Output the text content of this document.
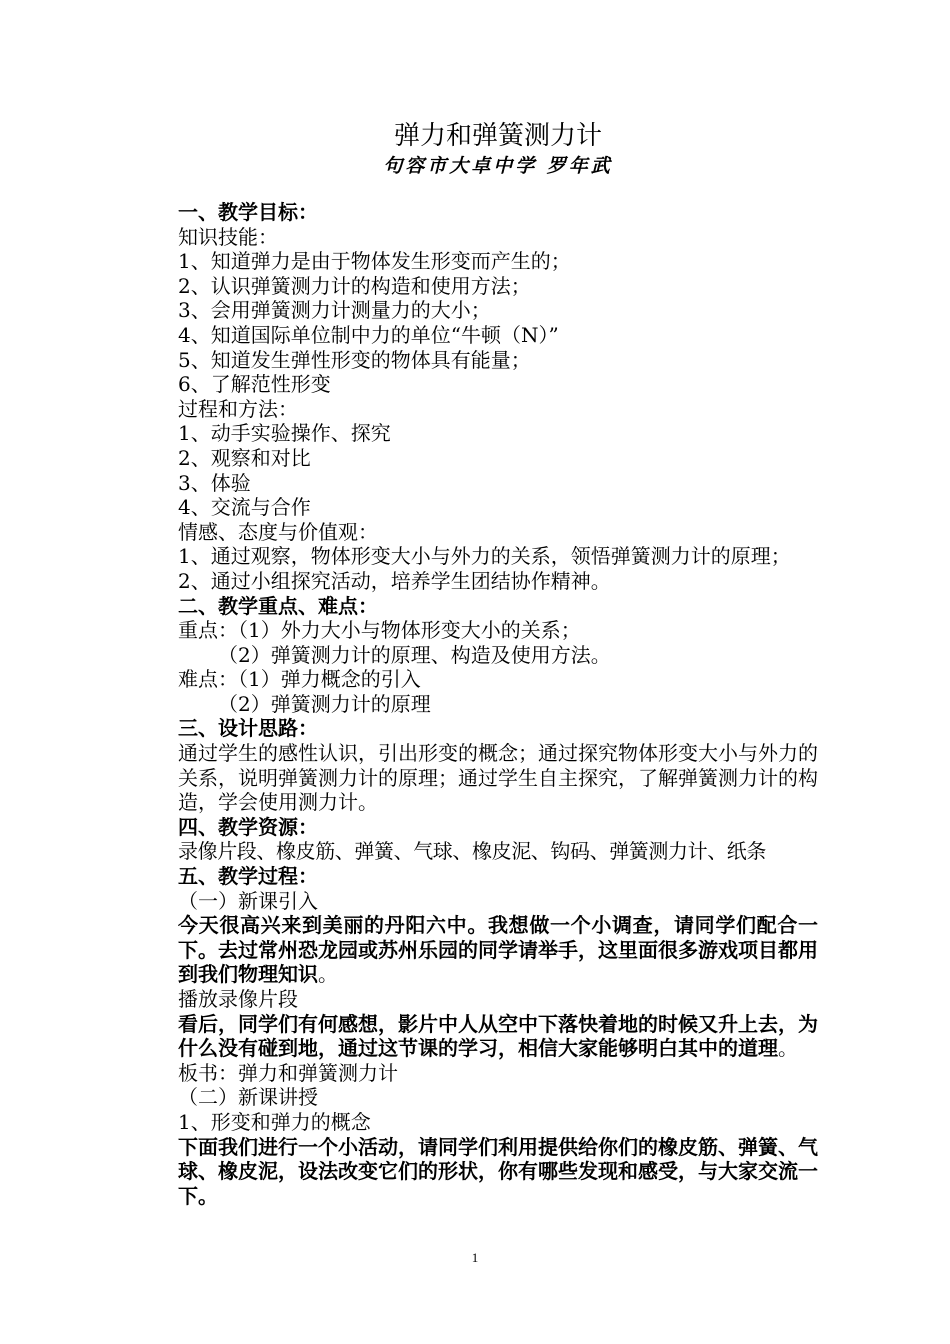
弹力和弹簧测力计
句容市大卓中学 罗年武
一、教学目标：
知识技能：
1、知道弹力是由于物体发生形变而产生的；
2、认识弹簧测力计的构造和使用方法；
3、会用弹簧测力计测量力的大小；
4、知道国际单位制中力的单位“牛顿（N）”
5、知道发生弹性形变的物体具有能量；
6、了解范性形变
过程和方法：
1、动手实验操作、探究
2、观察和对比
3、体验
4、交流与合作
情感、态度与价值观：
1、通过观察，物体形变大小与外力的关系，领悟弹簧测力计的原理；
2、通过小组探究活动，培养学生团结协作精神。
二、教学重点、难点：
重点：（1）外力大小与物体形变大小的关系；
（2）弹簧测力计的原理、构造及使用方法。
难点：（1）弹力概念的引入
（2）弹簧测力计的原理
三、设计思路：
通过学生的感性认识，引出形变的概念；通过探究物体形变大小与外力的关系，说明弹簧测力计的原理；通过学生自主探究，了解弹簧测力计的构造，学会使用测力计。
四、教学资源：
录像片段、橡皮筋、弹簧、气球、橡皮泥、钩码、弹簧测力计、纸条
五、教学过程：
（一）新课引入
今天很高兴来到美丽的丹阳六中。我想做一个小调查，请同学们配合一下。去过常州恐龙园或苏州乐园的同学请举手，这里面很多游戏项目都用到我们物理知识。
播放录像片段
看后，同学们有何感想，影片中人从空中下落快着地的时候又升上去，为什么没有碰到地，通过这节课的学习，相信大家能够明白其中的道理。
板书：弹力和弹簧测力计
（二）新课讲授
1、形变和弹力的概念
下面我们进行一个小活动，请同学们利用提供给你们的橡皮筋、弹簧、气球、橡皮泥，设法改变它们的形状，你有哪些发现和感受，与大家交流一下。
1
